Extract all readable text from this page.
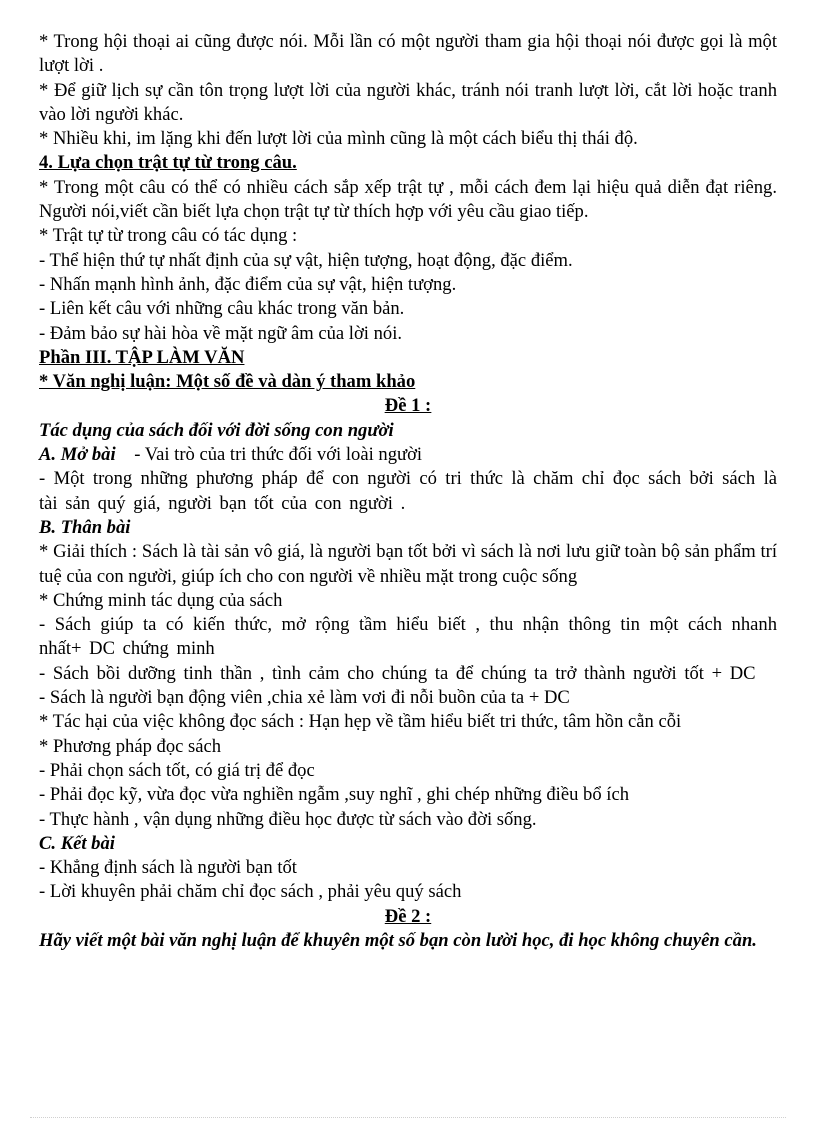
* Trong hội thoại ai cũng được nói. Mỗi lần có một người tham gia hội thoại nói được gọi là một lượt lời .

* Để giữ lịch sự cần tôn trọng lượt lời của người khác, tránh nói tranh lượt lời, cắt lời hoặc tranh vào lời người khác.

* Nhiều khi, im lặng khi đến lượt lời của mình cũng là một cách biểu thị thái độ.

4. Lựa chọn trật tự từ trong câu.

* Trong một câu có thể có nhiều cách sắp xếp trật tự , mỗi cách đem lại hiệu quả diễn đạt riêng. Người nói,viết cần biết lựa chọn trật tự từ thích hợp với yêu cầu giao tiếp.

* Trật tự từ trong câu có tác dụng :

- Thể hiện thứ tự nhất định của sự vật, hiện tượng, hoạt động, đặc điểm.

- Nhấn mạnh hình ảnh, đặc điểm của sự vật, hiện tượng.

- Liên kết câu với những câu khác trong văn bản.

- Đảm bảo sự hài hòa về mặt ngữ âm của lời nói.

Phần III. TẬP LÀM VĂN

* Văn nghị luận: Một số đề và dàn ý tham khảo

Đề 1 :

Tác dụng của sách đối với đời sống con người

A. Mở bài - Vai trò của tri thức đối với loài người

- Một trong những phương pháp để con người có tri thức là chăm chỉ đọc sách bởi sách là tài sản quý giá, người bạn tốt của con người .

B. Thân bài

* Giải thích : Sách là tài sản vô giá, là người bạn tốt bởi vì sách là nơi lưu giữ toàn bộ sản phẩm trí tuệ của con người, giúp ích cho con người về nhiều mặt trong cuộc sống

* Chứng minh tác dụng của sách

- Sách giúp ta có kiến thức, mở rộng tầm hiểu biết , thu nhận thông tin một cách nhanh nhất+ DC chứng minh

- Sách bồi dưỡng tinh thần , tình cảm cho chúng ta để chúng ta trở thành người tốt + DC

- Sách là người bạn động viên ,chia xẻ làm vơi đi nỗi buồn của ta + DC

* Tác hại của việc không đọc sách : Hạn hẹp về tầm hiểu biết tri thức, tâm hồn cằn cỗi

* Phương pháp đọc sách

- Phải chọn sách tốt, có giá trị để đọc

- Phải đọc kỹ, vừa đọc vừa nghiền ngẫm ,suy nghĩ , ghi chép những điều bổ ích

- Thực hành , vận dụng những điều học được từ sách vào đời sống.

C. Kết bài

- Khẳng định sách là người bạn tốt

- Lời khuyên phải chăm chỉ đọc sách , phải yêu quý sách

Đề 2 :

Hãy viết một bài văn nghị luận để khuyên một số bạn còn lười học, đi học không chuyên cần.
